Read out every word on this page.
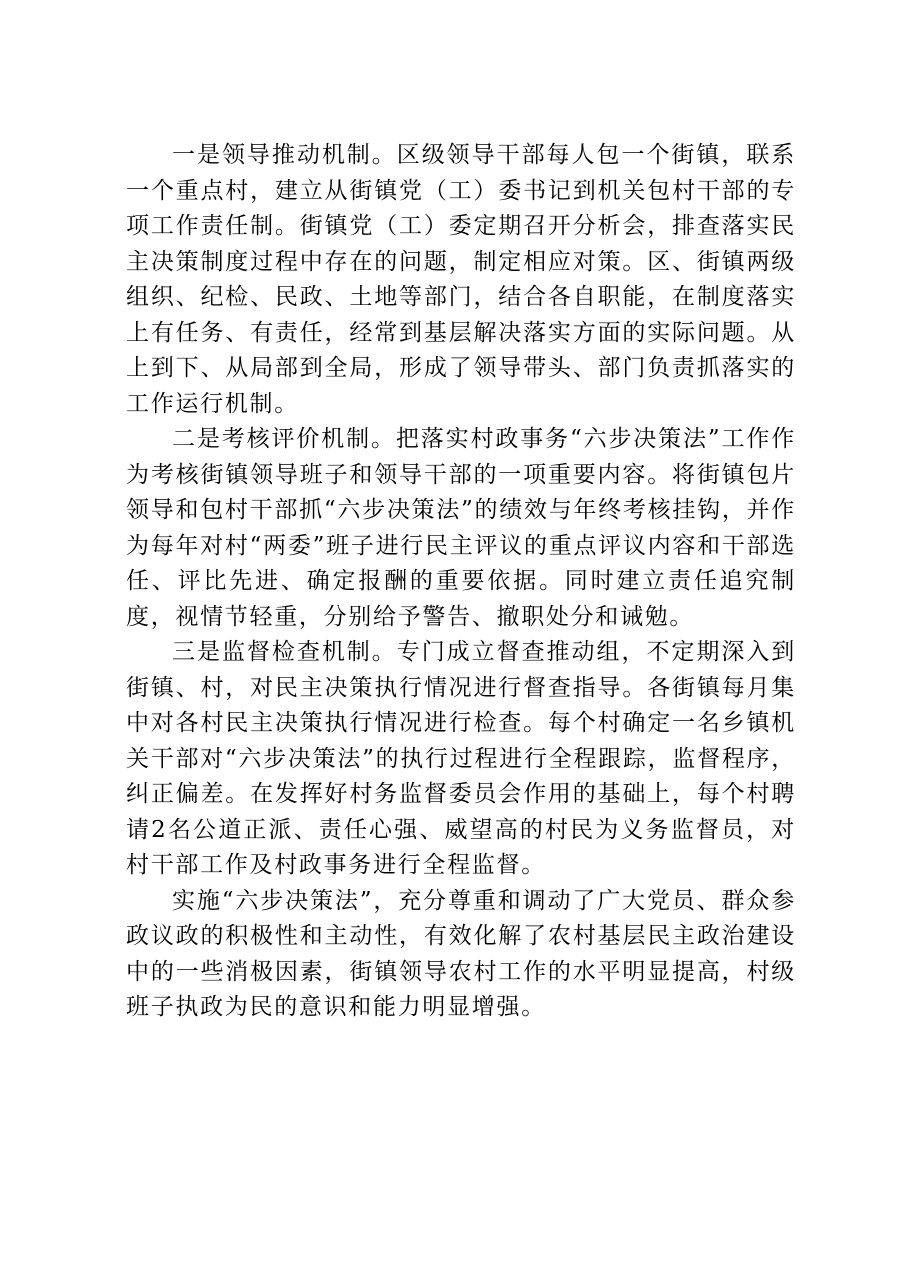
一是领导推动机制。区级领导干部每人包一个街镇，联系一个重点村，建立从街镇党（工）委书记到机关包村干部的专项工作责任制。街镇党（工）委定期召开分析会，排查落实民主决策制度过程中存在的问题，制定相应对策。区、街镇两级组织、纪检、民政、土地等部门，结合各自职能，在制度落实上有任务、有责任，经常到基层解决落实方面的实际问题。从上到下、从局部到全局，形成了领导带头、部门负责抓落实的工作运行机制。

二是考核评价机制。把落实村政事务“六步决策法”工作作为考核街镇领导班子和领导干部的一项重要内容。将街镇包片领导和包村干部抓“六步决策法”的绩效与年终考核挂钩，并作为每年对村“两委”班子进行民主评议的重点评议内容和干部选任、评比先进、确定报酬的重要依据。同时建立责任追究制度，视情节轻重，分别给予警告、撤职处分和诫勉。

三是监督检查机制。专门成立督查推动组，不定期深入到街镇、村，对民主决策执行情况进行督查指导。各街镇每月集中对各村民主决策执行情况进行检查。每个村确定一名乡镇机关干部对“六步决策法”的执行过程进行全程跟踪，监督程序，纠正偏差。在发挥好村务监督委员会作用的基础上，每个村聘请2名公道正派、责任心强、威望高的村民为义务监督员，对村干部工作及村政事务进行全程监督。

实施“六步决策法”，充分尊重和调动了广大党员、群众参政议政的积极性和主动性，有效化解了农村基层民主政治建设中的一些消极因素，街镇领导农村工作的水平明显提高，村级班子执政为民的意识和能力明显增强。
